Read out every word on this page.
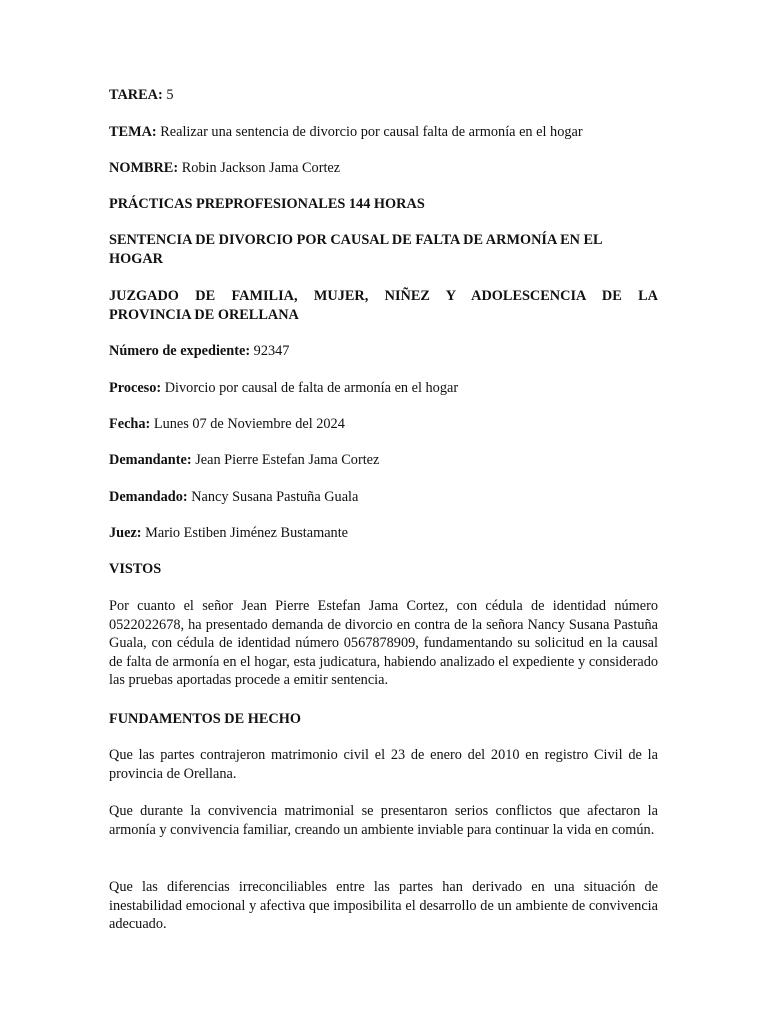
TAREA: 5

TEMA: Realizar una sentencia de divorcio por causal falta de armonía en el hogar

NOMBRE: Robin Jackson Jama Cortez

PRÁCTICAS PREPROFESIONALES 144 HORAS

SENTENCIA DE DIVORCIO POR CAUSAL DE FALTA DE ARMONÍA EN EL HOGAR

JUZGADO DE FAMILIA, MUJER, NIÑEZ Y ADOLESCENCIA DE LA

PROVINCIA DE ORELLANA

Número de expediente: 92347

Proceso: Divorcio por causal de falta de armonía en el hogar

Fecha: Lunes 07 de Noviembre del 2024

Demandante: Jean Pierre Estefan Jama Cortez

Demandado: Nancy Susana Pastuña Guala

Juez: Mario Estiben Jiménez Bustamante

VISTOS

Por cuanto el señor Jean Pierre Estefan Jama Cortez, con cédula de identidad número 0522022678, ha presentado demanda de divorcio en contra de la señora Nancy Susana Pastuña Guala, con cédula de identidad número 0567878909, fundamentando su solicitud en la causal de falta de armonía en el hogar, esta judicatura, habiendo analizado el expediente y considerado las pruebas aportadas procede a emitir sentencia.

FUNDAMENTOS DE HECHO

Que las partes contrajeron matrimonio civil el 23 de enero del 2010 en registro Civil de la provincia de Orellana.

Que durante la convivencia matrimonial se presentaron serios conflictos que afectaron la armonía y convivencia familiar, creando un ambiente inviable para continuar la vida en común.

Que las diferencias irreconciliables entre las partes han derivado en una situación de inestabilidad emocional y afectiva que imposibilita el desarrollo de un ambiente de convivencia adecuado.
